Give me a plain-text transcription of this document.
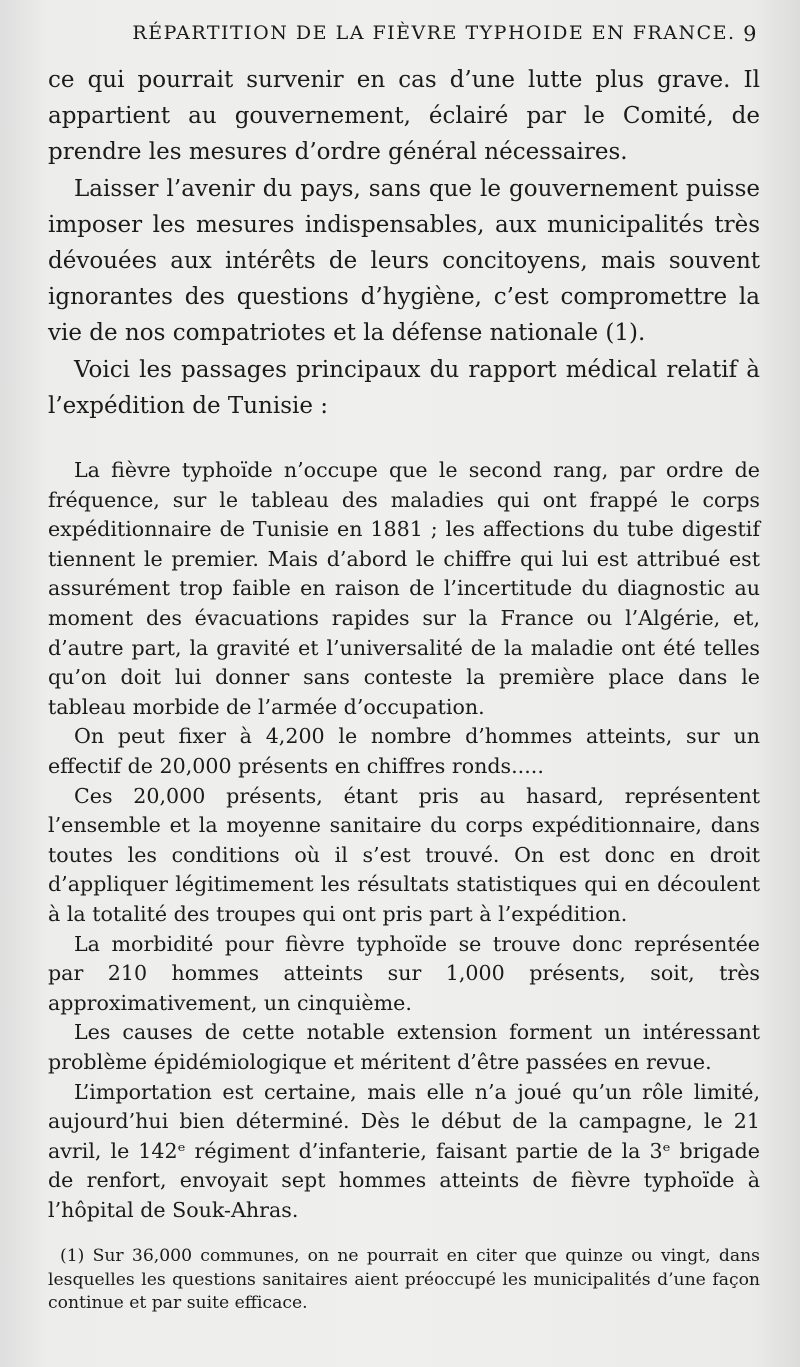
RÉPARTITION DE LA FIÈVRE TYPHOIDE EN FRANCE. 9

ce qui pourrait survenir en cas d’une lutte plus grave. Il appartient au gouvernement, éclairé par le Comité, de prendre les mesures d’ordre général nécessaires.

Laisser l’avenir du pays, sans que le gouvernement puisse imposer les mesures indispensables, aux municipalités très dévouées aux intérêts de leurs concitoyens, mais souvent ignorantes des questions d’hygiène, c’est compromettre la vie de nos compatriotes et la défense nationale (1).

Voici les passages principaux du rapport médical relatif à l’expédition de Tunisie :

La fièvre typhoïde n’occupe que le second rang, par ordre de fréquence, sur le tableau des maladies qui ont frappé le corps expéditionnaire de Tunisie en 1881 ; les affections du tube digestif tiennent le premier. Mais d’abord le chiffre qui lui est attribué est assurément trop faible en raison de l’incertitude du diagnostic au moment des évacuations rapides sur la France ou l’Algérie, et, d’autre part, la gravité et l’universalité de la maladie ont été telles qu’on doit lui donner sans conteste la première place dans le tableau morbide de l’armée d’occupation.

On peut fixer à 4,200 le nombre d’hommes atteints, sur un effectif de 20,000 présents en chiffres ronds.....

Ces 20,000 présents, étant pris au hasard, représentent l’ensemble et la moyenne sanitaire du corps expéditionnaire, dans toutes les conditions où il s’est trouvé. On est donc en droit d’appliquer légitimement les résultats statistiques qui en découlent à la totalité des troupes qui ont pris part à l’expédition.

La morbidité pour fièvre typhoïde se trouve donc représentée par 210 hommes atteints sur 1,000 présents, soit, très approximativement, un cinquième.

Les causes de cette notable extension forment un intéressant problème épidémiologique et méritent d’être passées en revue.

L’importation est certaine, mais elle n’a joué qu’un rôle limité, aujourd’hui bien déterminé. Dès le début de la campagne, le 21 avril, le 142ᵉ régiment d’infanterie, faisant partie de la 3ᵉ brigade de renfort, envoyait sept hommes atteints de fièvre typhoïde à l’hôpital de Souk-Ahras.

(1) Sur 36,000 communes, on ne pourrait en citer que quinze ou vingt, dans lesquelles les questions sanitaires aient préoccupé les municipalités d’une façon continue et par suite efficace.
